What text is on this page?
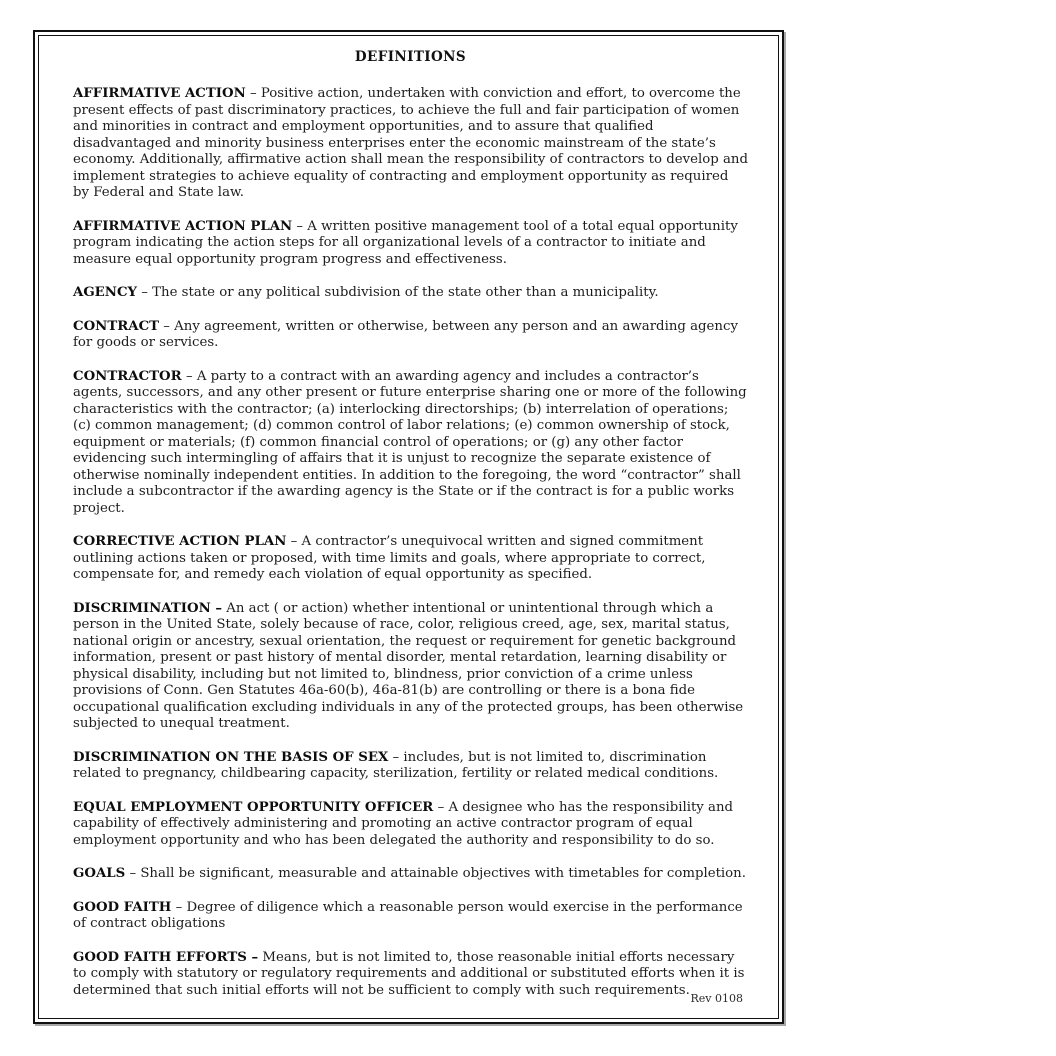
DEFINITIONS

AFFIRMATIVE ACTION – Positive action, undertaken with conviction and effort, to overcome the present effects of past discriminatory practices, to achieve the full and fair participation of women and minorities in contract and employment opportunities, and to assure that qualified disadvantaged and minority business enterprises enter the economic mainstream of the state’s economy. Additionally, affirmative action shall mean the responsibility of contractors to develop and implement strategies to achieve equality of contracting and employment opportunity as required by Federal and State law.

AFFIRMATIVE ACTION PLAN – A written positive management tool of a total equal opportunity program indicating the action steps for all organizational levels of a contractor to initiate and measure equal opportunity program progress and effectiveness.

AGENCY – The state or any political subdivision of the state other than a municipality.

CONTRACT – Any agreement, written or otherwise, between any person and an awarding agency for goods or services.

CONTRACTOR – A party to a contract with an awarding agency and includes a contractor’s agents, successors, and any other present or future enterprise sharing one or more of the following characteristics with the contractor; (a) interlocking directorships; (b) interrelation of operations; (c) common management; (d) common control of labor relations; (e) common ownership of stock, equipment or materials; (f) common financial control of operations; or (g) any other factor evidencing such intermingling of affairs that it is unjust to recognize the separate existence of otherwise nominally independent entities. In addition to the foregoing, the word “contractor” shall include a subcontractor if the awarding agency is the State or if the contract is for a public works project.

CORRECTIVE ACTION PLAN – A contractor’s unequivocal written and signed commitment outlining actions taken or proposed, with time limits and goals, where appropriate to correct, compensate for, and remedy each violation of equal opportunity as specified.

DISCRIMINATION – An act ( or action) whether intentional or unintentional through which a person in the United State, solely because of race, color, religious creed, age, sex, marital status, national origin or ancestry, sexual orientation, the request or requirement for genetic background information, present or past history of mental disorder, mental retardation, learning disability or physical disability, including but not limited to, blindness, prior conviction of a crime unless provisions of Conn. Gen Statutes 46a-60(b), 46a-81(b) are controlling or there is a bona fide occupational qualification excluding individuals in any of the protected groups, has been otherwise subjected to unequal treatment.

DISCRIMINATION ON THE BASIS OF SEX – includes, but is not limited to, discrimination related to pregnancy, childbearing capacity, sterilization, fertility or related medical conditions.

EQUAL EMPLOYMENT OPPORTUNITY OFFICER – A designee who has the responsibility and capability of effectively administering and promoting an active contractor program of equal employment opportunity and who has been delegated the authority and responsibility to do so.

GOALS – Shall be significant, measurable and attainable objectives with timetables for completion.

GOOD FAITH – Degree of diligence which a reasonable person would exercise in the performance of contract obligations

GOOD FAITH EFFORTS – Means, but is not limited to, those reasonable initial efforts necessary to comply with statutory or regulatory requirements and additional or substituted efforts when it is determined that such initial efforts will not be sufficient to comply with such requirements.

Rev 0108
